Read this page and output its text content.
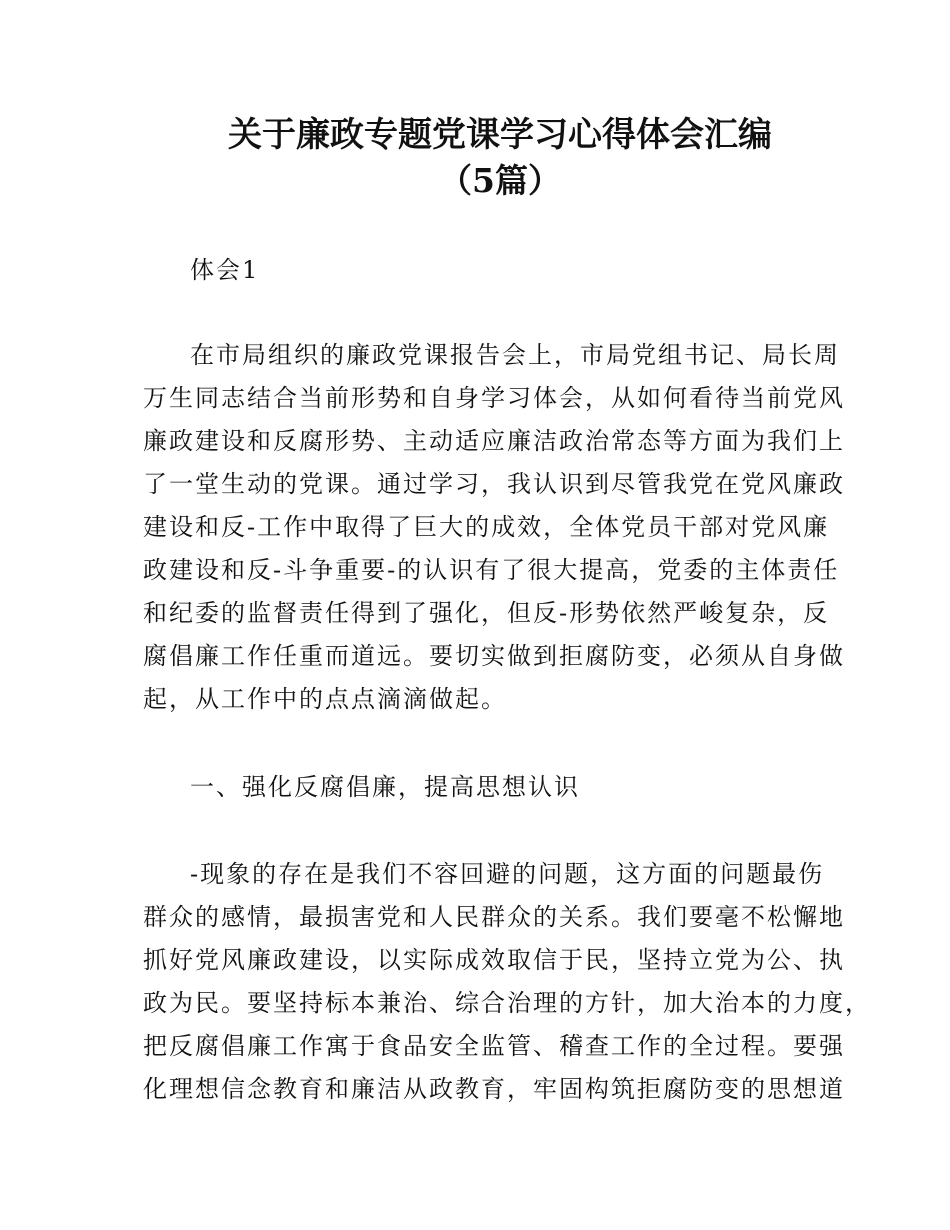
关于廉政专题党课学习心得体会汇编
（5篇）
体会1
在市局组织的廉政党课报告会上，市局党组书记、局长周
万生同志结合当前形势和自身学习体会，从如何看待当前党风
廉政建设和反腐形势、主动适应廉洁政治常态等方面为我们上
了一堂生动的党课。通过学习，我认识到尽管我党在党风廉政
建设和反-工作中取得了巨大的成效，全体党员干部对党风廉
政建设和反-斗争重要-的认识有了很大提高，党委的主体责任
和纪委的监督责任得到了强化，但反-形势依然严峻复杂，反
腐倡廉工作任重而道远。要切实做到拒腐防变，必须从自身做
起，从工作中的点点滴滴做起。
一、强化反腐倡廉，提高思想认识
-现象的存在是我们不容回避的问题，这方面的问题最伤
群众的感情，最损害党和人民群众的关系。我们要毫不松懈地
抓好党风廉政建设，以实际成效取信于民，坚持立党为公、执
政为民。要坚持标本兼治、综合治理的方针，加大治本的力度，
把反腐倡廉工作寓于食品安全监管、稽查工作的全过程。要强
化理想信念教育和廉洁从政教育，牢固构筑拒腐防变的思想道
